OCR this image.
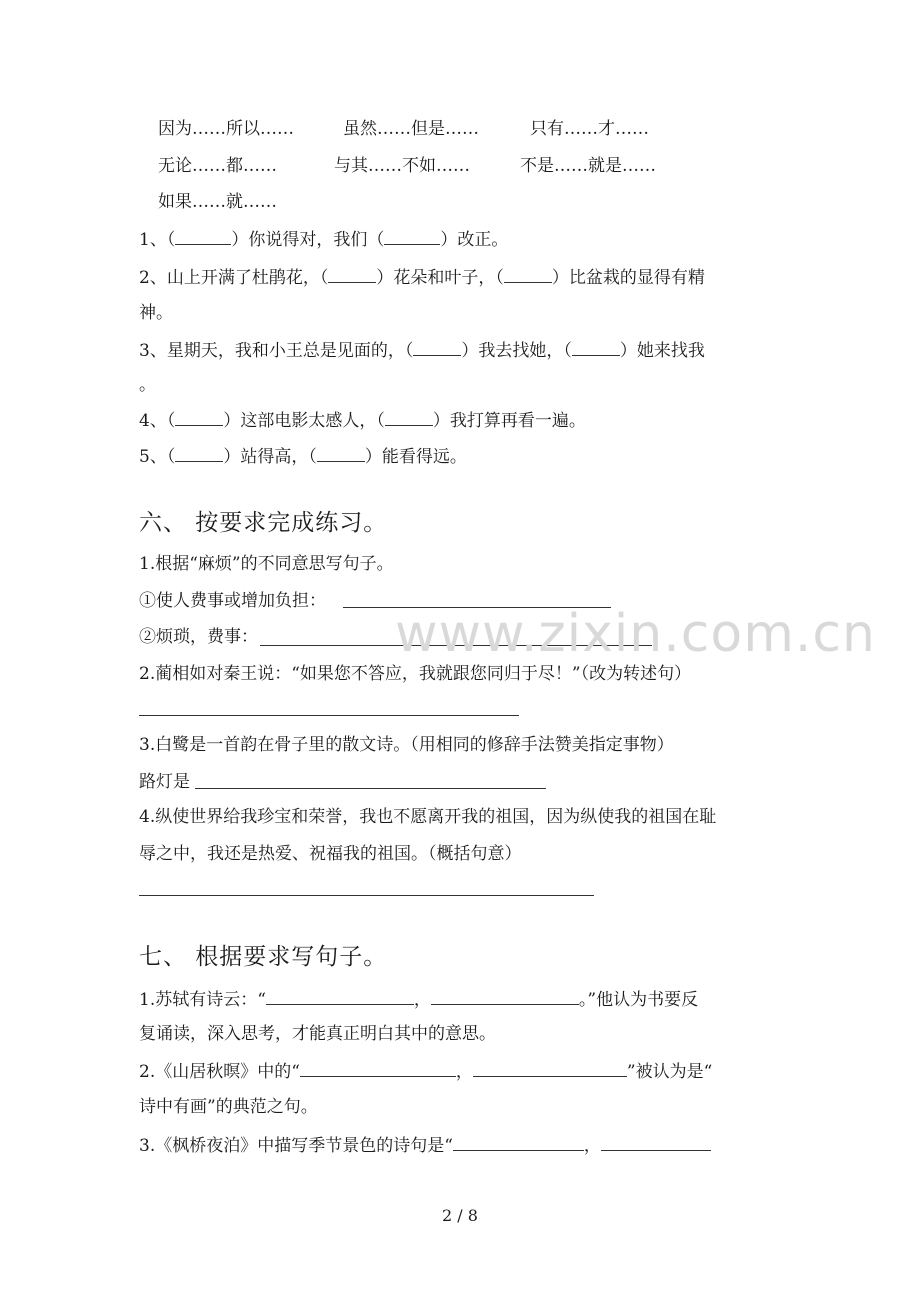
因为……所以……	虽然……但是……	只有……才……
无论……都……	与其……不如……	不是……就是……
如果……就……
1、（	）你说得对，我们（	）改正。
2、山上开满了杜鹃花，（	）花朵和叶子，（	）比盆栽的显得有精
神。
3、星期天，我和小王总是见面的，（	）我去找她，（	）她来找我
。
4、（	）这部电影太感人，（	）我打算再看一遍。
5、（	）站得高，（	）能看得远。
六、 按要求完成练习。
1.根据“麻烦”的不同意思写句子。
①使人费事或增加负担：
②烦琐，费事：
2.蔺相如对秦王说：“如果您不答应，我就跟您同归于尽！”（改为转述句）
3.白鹭是一首韵在骨子里的散文诗。（用相同的修辞手法赞美指定事物）
路灯是
4.纵使世界给我珍宝和荣誉，我也不愿离开我的祖国，因为纵使我的祖国在耻
辱之中，我还是热爱、祝福我的祖国。（概括句意）
七、 根据要求写句子。
1.苏轼有诗云：“	，	。”他认为书要反
复诵读，深入思考，才能真正明白其中的意思。
2.《山居秋暝》中的“	，	”被认为是“
诗中有画”的典范之句。
3.《枫桥夜泊》中描写季节景色的诗句是“	，
www.zixin.com.cn
2 / 8
